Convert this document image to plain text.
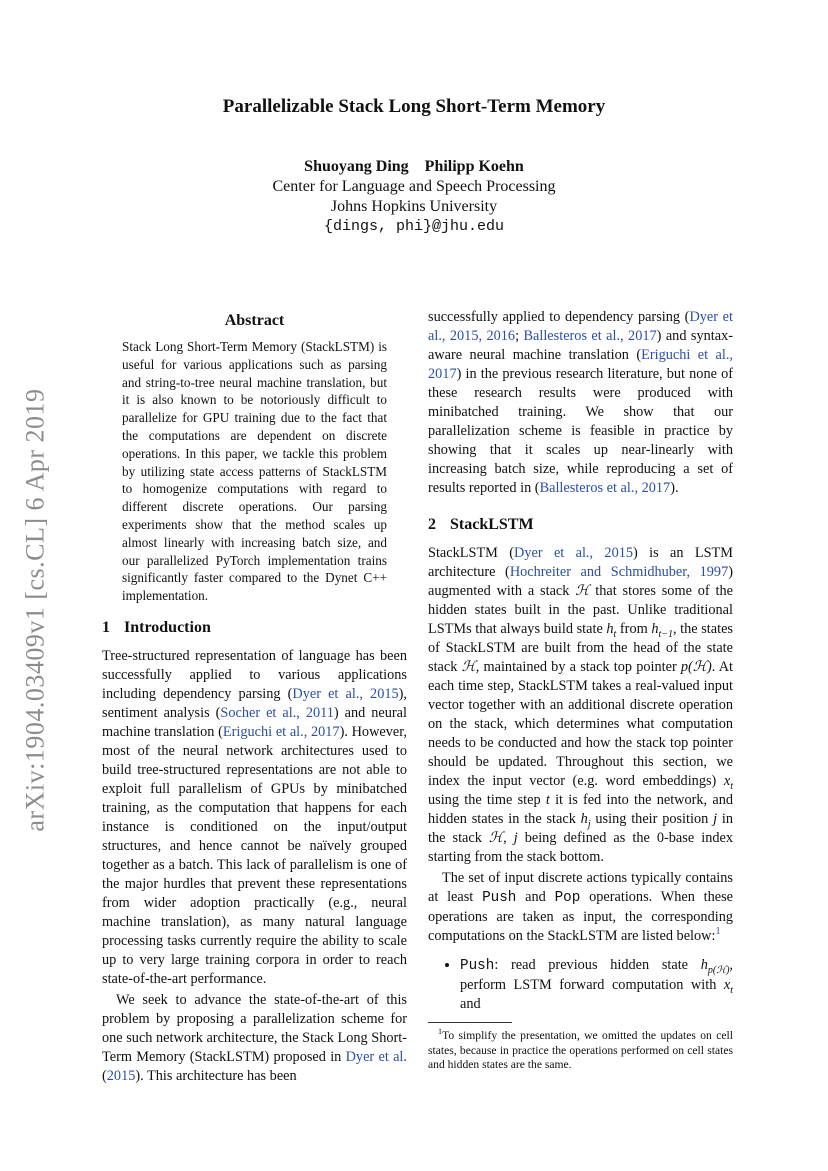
arXiv:1904.03409v1 [cs.CL] 6 Apr 2019
Parallelizable Stack Long Short-Term Memory
Shuoyang Ding Philipp Koehn
Center for Language and Speech Processing
Johns Hopkins University
{dings, phi}@jhu.edu
Abstract

Stack Long Short-Term Memory (StackLSTM) is useful for various applications such as parsing and string-to-tree neural machine translation, but it is also known to be notoriously difficult to parallelize for GPU training due to the fact that the computations are dependent on discrete operations. In this paper, we tackle this problem by utilizing state access patterns of StackLSTM to homogenize computations with regard to different discrete operations. Our parsing experiments show that the method scales up almost linearly with increasing batch size, and our parallelized PyTorch implementation trains significantly faster compared to the Dynet C++ implementation.

1 Introduction

Tree-structured representation of language has been successfully applied to various applications including dependency parsing (Dyer et al., 2015), sentiment analysis (Socher et al., 2011) and neural machine translation (Eriguchi et al., 2017). However, most of the neural network architectures used to build tree-structured representations are not able to exploit full parallelism of GPUs by minibatched training, as the computation that happens for each instance is conditioned on the input/output structures, and hence cannot be naïvely grouped together as a batch. This lack of parallelism is one of the major hurdles that prevent these representations from wider adoption practically (e.g., neural machine translation), as many natural language processing tasks currently require the ability to scale up to very large training corpora in order to reach state-of-the-art performance.

We seek to advance the state-of-the-art of this problem by proposing a parallelization scheme for one such network architecture, the Stack Long Short-Term Memory (StackLSTM) proposed in Dyer et al. (2015). This architecture has been

successfully applied to dependency parsing (Dyer et al., 2015, 2016; Ballesteros et al., 2017) and syntax-aware neural machine translation (Eriguchi et al., 2017) in the previous research literature, but none of these research results were produced with minibatched training. We show that our parallelization scheme is feasible in practice by showing that it scales up near-linearly with increasing batch size, while reproducing a set of results reported in (Ballesteros et al., 2017).

2 StackLSTM

StackLSTM (Dyer et al., 2015) is an LSTM architecture (Hochreiter and Schmidhuber, 1997) augmented with a stack ℋ that stores some of the hidden states built in the past. Unlike traditional LSTMs that always build state $h_t$ from $h_{t-1}$, the states of StackLSTM are built from the head of the state stack ℋ, maintained by a stack top pointer p(ℋ). At each time step, StackLSTM takes a real-valued input vector together with an additional discrete operation on the stack, which determines what computation needs to be conducted and how the stack top pointer should be updated. Throughout this section, we index the input vector (e.g. word embeddings) $x_t$ using the time step t it is fed into the network, and hidden states in the stack $h_j$ using their position j in the stack ℋ, j being defined as the 0-base index starting from the stack bottom.

The set of input discrete actions typically contains at least Push and Pop operations. When these operations are taken as input, the corresponding computations on the StackLSTM are listed below:$^1$

• Push: read previous hidden state $h_{p(ℋ)}$, perform LSTM forward computation with $x_t$ and

$^1$To simplify the presentation, we omitted the updates on cell states, because in practice the operations performed on cell states and hidden states are the same.
